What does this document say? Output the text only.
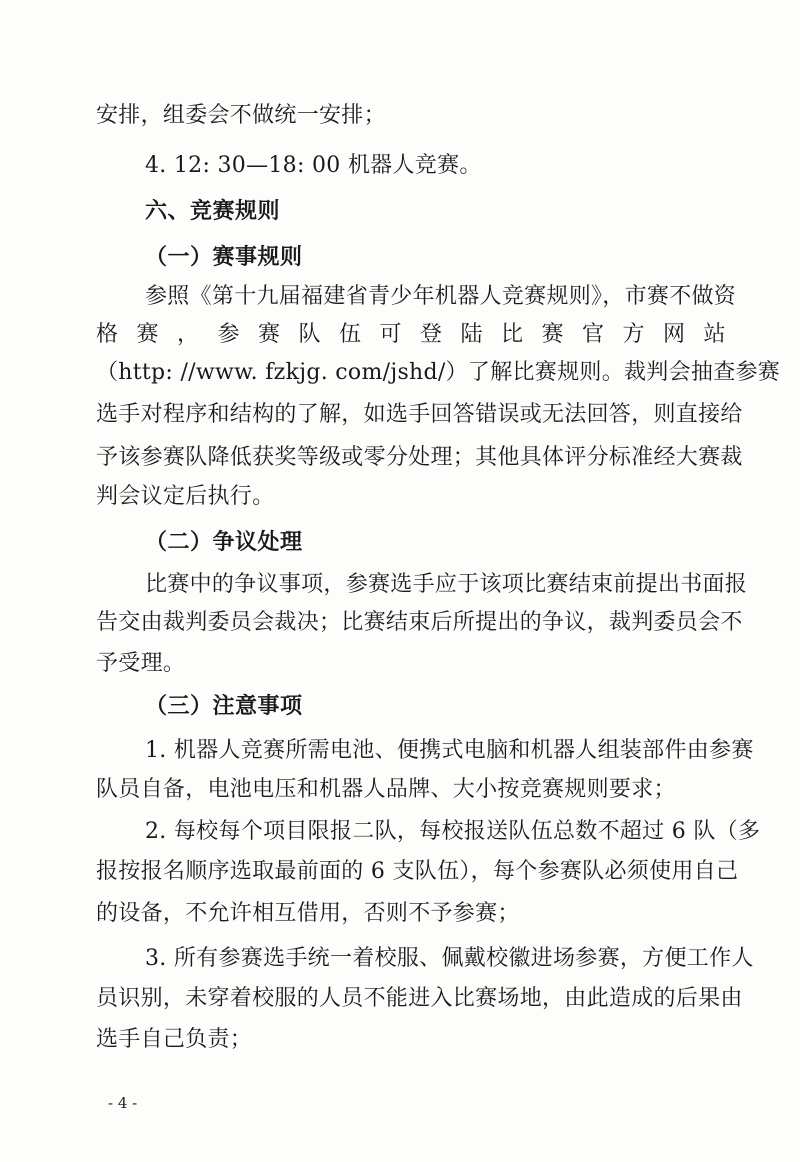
安排，组委会不做统一安排；
4. 12: 30—18: 00 机器人竞赛。
六、竞赛规则
（一）赛事规则
参照《第十九届福建省青少年机器人竞赛规则》，市赛不做资
格 赛 ， 参 赛 队 伍 可 登 陆 比 赛 官 方 网 站
（http: //www. fzkjg. com/jshd/）了解比赛规则。裁判会抽查参赛
选手对程序和结构的了解，如选手回答错误或无法回答，则直接给
予该参赛队降低获奖等级或零分处理；其他具体评分标准经大赛裁
判会议定后执行。
（二）争议处理
比赛中的争议事项，参赛选手应于该项比赛结束前提出书面报
告交由裁判委员会裁决；比赛结束后所提出的争议，裁判委员会不
予受理。
（三）注意事项
1. 机器人竞赛所需电池、便携式电脑和机器人组装部件由参赛
队员自备，电池电压和机器人品牌、大小按竞赛规则要求；
2. 每校每个项目限报二队，每校报送队伍总数不超过 6 队（多
报按报名顺序选取最前面的 6 支队伍），每个参赛队必须使用自己
的设备，不允许相互借用，否则不予参赛；
3. 所有参赛选手统一着校服、佩戴校徽进场参赛，方便工作人
员识别，未穿着校服的人员不能进入比赛场地，由此造成的后果由
选手自己负责；
- 4 -
